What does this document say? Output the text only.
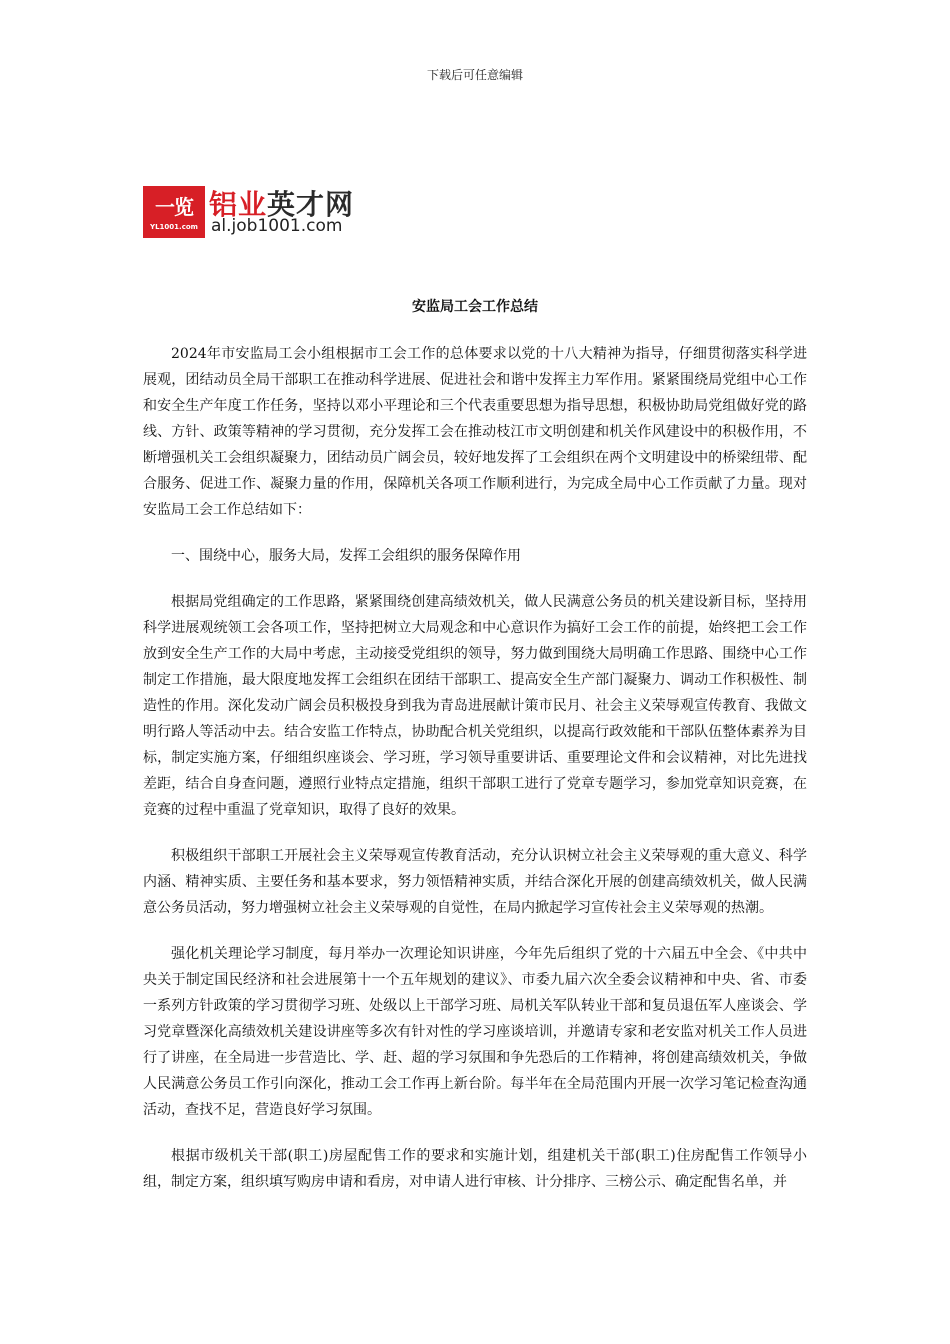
下载后可任意编辑
一览
YL1001.com
铝业英才网
al.job1001.com
安监局工会工作总结

2024年市安监局工会小组根据市工会工作的总体要求以党的十八大精神为指导，仔细贯彻落实科学进展观，团结动员全局干部职工在推动科学进展、促进社会和谐中发挥主力军作用。紧紧围绕局党组中心工作和安全生产年度工作任务，坚持以邓小平理论和三个代表重要思想为指导思想，积极协助局党组做好党的路线、方针、政策等精神的学习贯彻，充分发挥工会在推动枝江市文明创建和机关作风建设中的积极作用，不断增强机关工会组织凝聚力，团结动员广阔会员，较好地发挥了工会组织在两个文明建设中的桥梁纽带、配合服务、促进工作、凝聚力量的作用，保障机关各项工作顺利进行，为完成全局中心工作贡献了力量。现对安监局工会工作总结如下：

一、围绕中心，服务大局，发挥工会组织的服务保障作用

根据局党组确定的工作思路，紧紧围绕创建高绩效机关，做人民满意公务员的机关建设新目标，坚持用科学进展观统领工会各项工作，坚持把树立大局观念和中心意识作为搞好工会工作的前提，始终把工会工作放到安全生产工作的大局中考虑，主动接受党组织的领导，努力做到围绕大局明确工作思路、围绕中心工作制定工作措施，最大限度地发挥工会组织在团结干部职工、提高安全生产部门凝聚力、调动工作积极性、制造性的作用。深化发动广阔会员积极投身到我为青岛进展献计策市民月、社会主义荣辱观宣传教育、我做文明行路人等活动中去。结合安监工作特点，协助配合机关党组织，以提高行政效能和干部队伍整体素养为目标，制定实施方案，仔细组织座谈会、学习班，学习领导重要讲话、重要理论文件和会议精神，对比先进找差距，结合自身查问题，遵照行业特点定措施，组织干部职工进行了党章专题学习，参加党章知识竞赛，在竞赛的过程中重温了党章知识，取得了良好的效果。

积极组织干部职工开展社会主义荣辱观宣传教育活动，充分认识树立社会主义荣辱观的重大意义、科学内涵、精神实质、主要任务和基本要求，努力领悟精神实质，并结合深化开展的创建高绩效机关，做人民满意公务员活动，努力增强树立社会主义荣辱观的自觉性，在局内掀起学习宣传社会主义荣辱观的热潮。

强化机关理论学习制度，每月举办一次理论知识讲座，今年先后组织了党的十六届五中全会、《中共中央关于制定国民经济和社会进展第十一个五年规划的建议》、市委九届六次全委会议精神和中央、省、市委一系列方针政策的学习贯彻学习班、处级以上干部学习班、局机关军队转业干部和复员退伍军人座谈会、学习党章暨深化高绩效机关建设讲座等多次有针对性的学习座谈培训，并邀请专家和老安监对机关工作人员进行了讲座，在全局进一步营造比、学、赶、超的学习氛围和争先恐后的工作精神，将创建高绩效机关，争做人民满意公务员工作引向深化，推动工会工作再上新台阶。每半年在全局范围内开展一次学习笔记检查沟通活动，查找不足，营造良好学习氛围。

根据市级机关干部(职工)房屋配售工作的要求和实施计划，组建机关干部(职工)住房配售工作领导小组，制定方案，组织填写购房申请和看房，对申请人进行审核、计分排序、三榜公示、确定配售名单，并
